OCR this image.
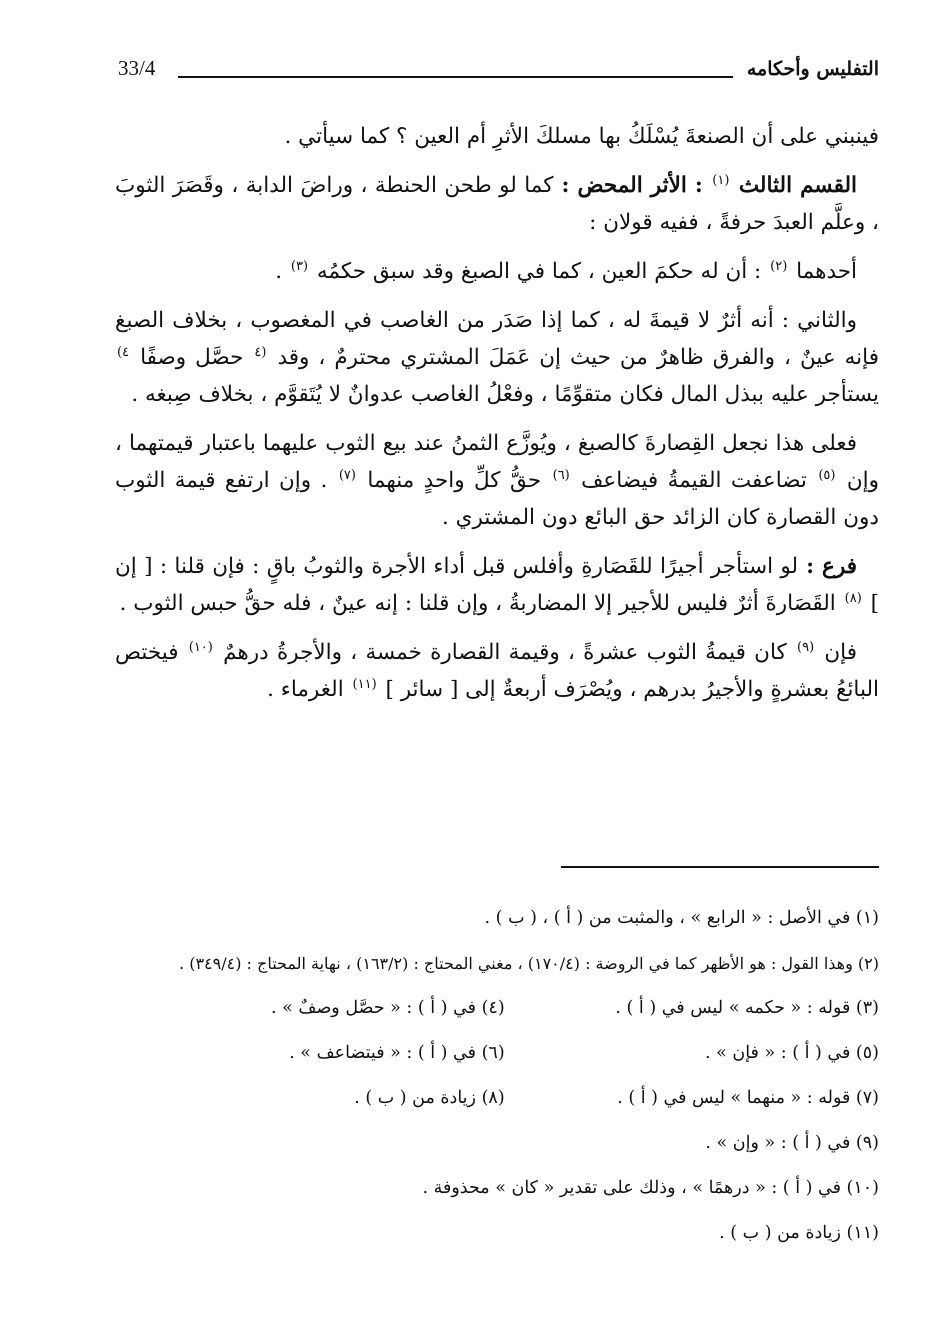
التفليس وأحكامه
33/4

فينبني على أن الصنعةَ يُسْلَكُ بها مسلكَ الأثرِ أم العين ؟ كما سيأتي .

القسم الثالث $^{(١)}$ : الأثر المحض : كما لو طحن الحنطة ، وراضَ الدابة ، وقَصَرَ الثوبَ ، وعلَّم العبدَ حرفةً ، ففيه قولان :

أحدهما $^{(٢)}$ : أن له حكمَ العين ، كما في الصبغ وقد سبق حكمُه $^{(٣)}$ .

والثاني : أنه أثرٌ لا قيمةَ له ، كما إذا صَدَر من الغاصب في المغصوب ، بخلاف الصبغ فإنه عينٌ ، والفرق ظاهرٌ من حيث إن عَمَلَ المشتري محترمٌ ، وقد $^{(٤}$ حصَّل وصفًا $^{٤)}$ يستأجر عليه ببذل المال فكان متقوِّمًا ، وفعْلُ الغاصب عدوانٌ لا يُتَقوَّم ، بخلاف صِبغه .

فعلى هذا نجعل القِصارةَ كالصبغ ، ويُوزَّع الثمنُ عند بيع الثوب عليهما باعتبار قيمتهما ، وإن $^{(٥)}$ تضاعفت القيمةُ فيضاعف $^{(٦)}$ حقُّ كلِّ واحدٍ منهما $^{(٧)}$ . وإن ارتفع قيمة الثوب دون القصارة كان الزائد حق البائع دون المشتري .

فرع : لو استأجر أجيرًا للقَصَارةِ وأفلس قبل أداء الأجرة والثوبُ باقٍ : فإن قلنا : [ إن ] $^{(٨)}$ القَصَارةَ أثرٌ فليس للأجير إلا المضاربةُ ، وإن قلنا : إنه عينٌ ، فله حقُّ حبس الثوب .

فإن $^{(٩)}$ كان قيمةُ الثوب عشرةً ، وقيمة القصارة خمسة ، والأجرةُ درهمٌ $^{(١٠)}$ فيختص البائعُ بعشرةٍ والأجيرُ بدرهم ، ويُصْرَف أربعةٌ إلى [ سائر ] $^{(١١)}$ الغرماء .

(١) في الأصل : « الرابع » ، والمثبت من ( أ ) ، ( ب ) .
(٢) وهذا القول : هو الأظهر كما في الروضة : (١٧٠/٤) ، مغني المحتاج : (١٦٣/٢) ، نهاية المحتاج : (٣٤٩/٤) .
(٣) قوله : « حكمه » ليس في ( أ ) .
(٤) في ( أ ) : « حصَّل وصفٌ » .
(٥) في ( أ ) : « فإن » .
(٦) في ( أ ) : « فيتضاعف » .
(٧) قوله : « منهما » ليس في ( أ ) .
(٨) زيادة من ( ب ) .
(٩) في ( أ ) : « وإن » .
(١٠) في ( أ ) : « درهمًا » ، وذلك على تقدير « كان » محذوفة .
(١١) زيادة من ( ب ) .
